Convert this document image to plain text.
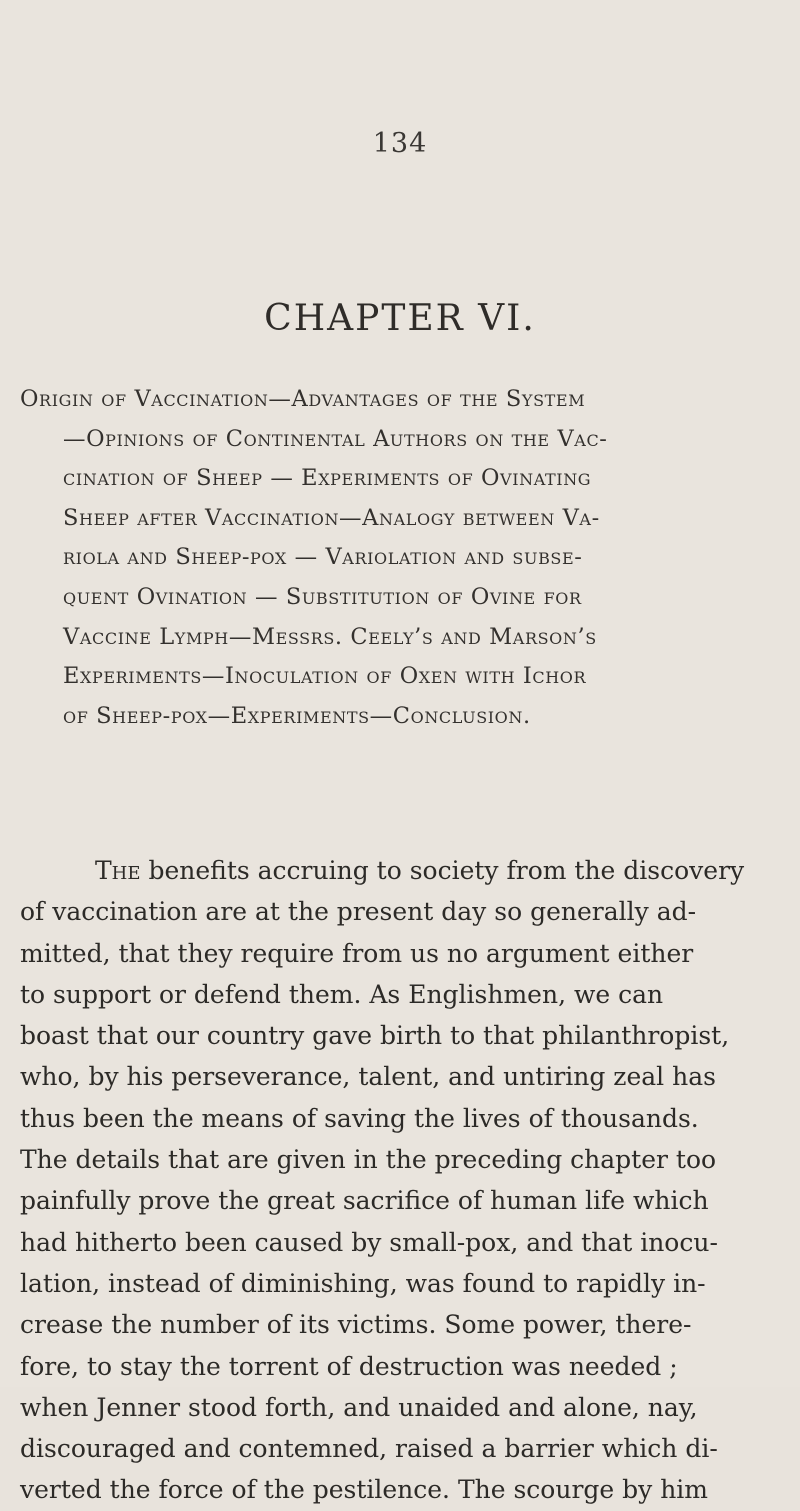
134
CHAPTER VI.
Origin of Vaccination—Advantages of the System
—Opinions of Continental Authors on the Vac-
cination of Sheep — Experiments of Ovinating
Sheep after Vaccination—Analogy between Va-
riola and Sheep-pox — Variolation and subse-
quent Ovination — Substitution of Ovine for
Vaccine Lymph—Messrs. Ceely’s and Marson’s
Experiments—Inoculation of Oxen with Ichor
of Sheep-pox—Experiments—Conclusion.
The benefits accruing to society from the discovery
of vaccination are at the present day so generally ad-
mitted, that they require from us no argument either
to support or defend them. As Englishmen, we can
boast that our country gave birth to that philanthropist,
who, by his perseverance, talent, and untiring zeal has
thus been the means of saving the lives of thousands.
The details that are given in the preceding chapter too
painfully prove the great sacrifice of human life which
had hitherto been caused by small-pox, and that inocu-
lation, instead of diminishing, was found to rapidly in-
crease the number of its victims. Some power, there-
fore, to stay the torrent of destruction was needed ;
when Jenner stood forth, and unaided and alone, nay,
discouraged and contemned, raised a barrier which di-
verted the force of the pestilence. The scourge by him
